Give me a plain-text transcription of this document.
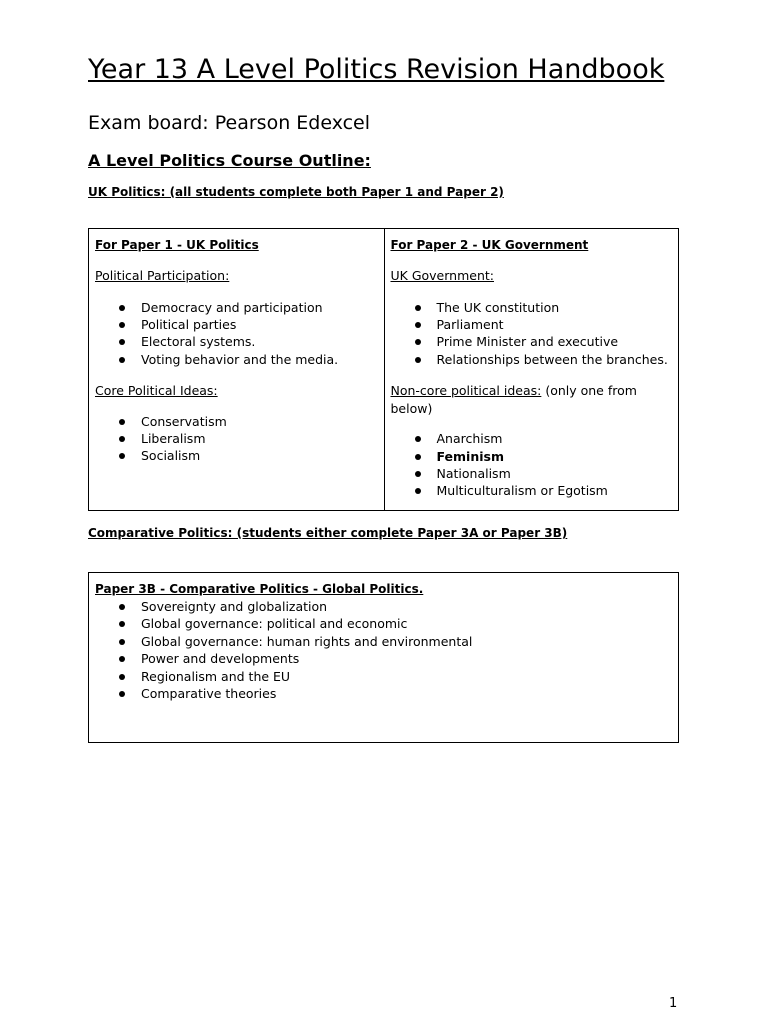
Year 13 A Level Politics Revision Handbook
Exam board: Pearson Edexcel
A Level Politics Course Outline:
UK Politics: (all students complete both Paper 1 and Paper 2)
For Paper 1 - UK Politics
Political Participation:
Democracy and participation
Political parties
Electoral systems.
Voting behavior and the media.
Core Political Ideas:
Conservatism
Liberalism
Socialism
For Paper 2 - UK Government
UK Government:
The UK constitution
Parliament
Prime Minister and executive
Relationships between the branches.
Non-core political ideas: (only one from below)
Anarchism
Feminism
Nationalism
Multiculturalism or Egotism
Comparative Politics: (students either complete Paper 3A or Paper 3B)
Paper 3B - Comparative Politics - Global Politics.
Sovereignty and globalization
Global governance: political and economic
Global governance: human rights and environmental
Power and developments
Regionalism and the EU
Comparative theories
1
